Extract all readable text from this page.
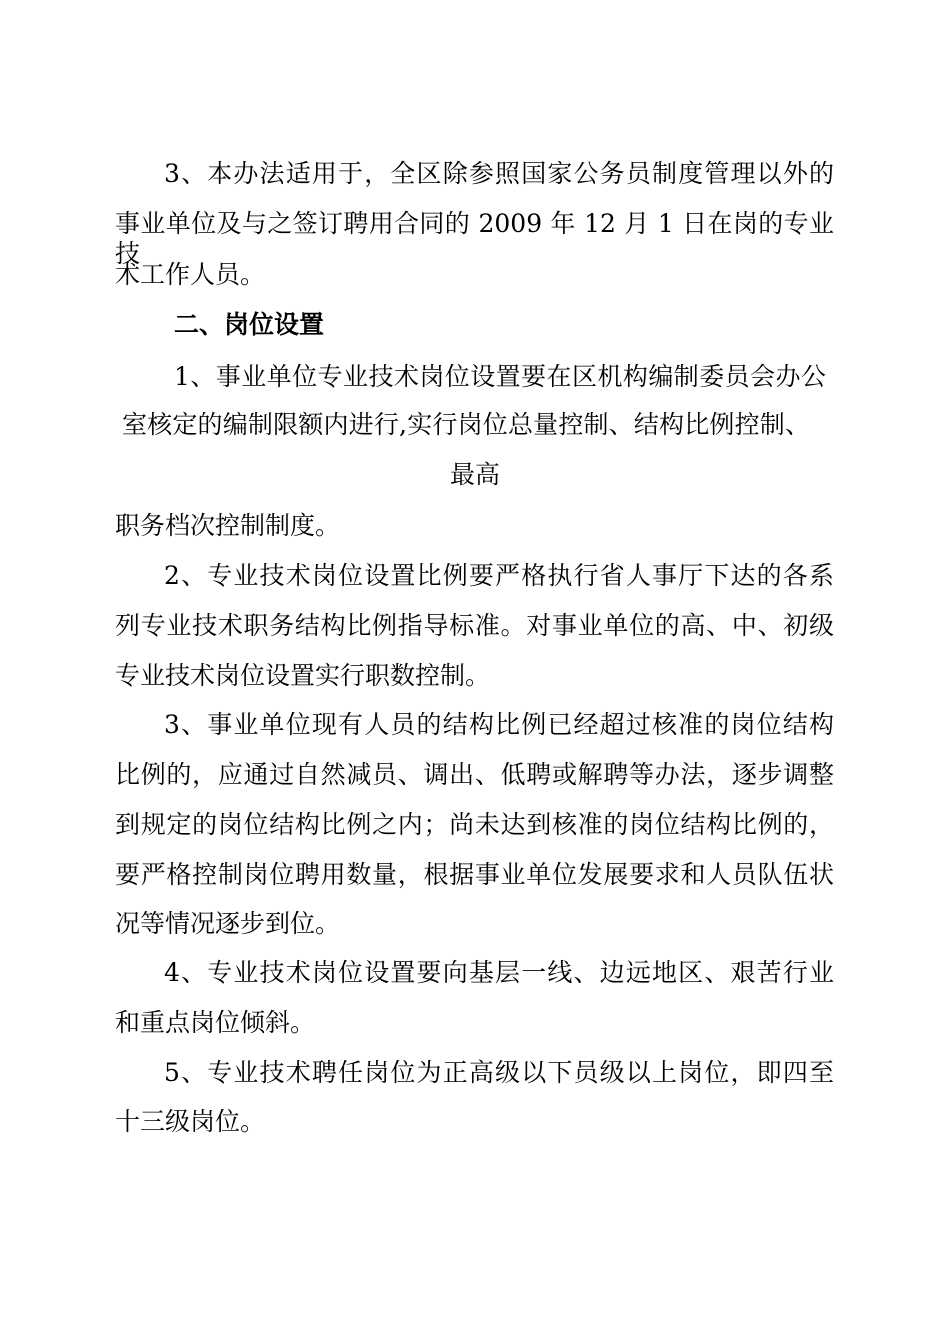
3、本办法适用于，全区除参照国家公务员制度管理以外的
事业单位及与之签订聘用合同的 2009 年 12 月 1 日在岗的专业技
术工作人员。
二、岗位设置
1、事业单位专业技术岗位设置要在区机构编制委员会办公
室核定的编制限额内进行,实行岗位总量控制、结构比例控制、
最高
职务档次控制制度。
2、专业技术岗位设置比例要严格执行省人事厅下达的各系
列专业技术职务结构比例指导标准。对事业单位的高、中、初级
专业技术岗位设置实行职数控制。
3、事业单位现有人员的结构比例已经超过核准的岗位结构
比例的，应通过自然减员、调出、低聘或解聘等办法，逐步调整
到规定的岗位结构比例之内；尚未达到核准的岗位结构比例的，
要严格控制岗位聘用数量，根据事业单位发展要求和人员队伍状
况等情况逐步到位。
4、专业技术岗位设置要向基层一线、边远地区、艰苦行业
和重点岗位倾斜。
5、专业技术聘任岗位为正高级以下员级以上岗位，即四至
十三级岗位。
